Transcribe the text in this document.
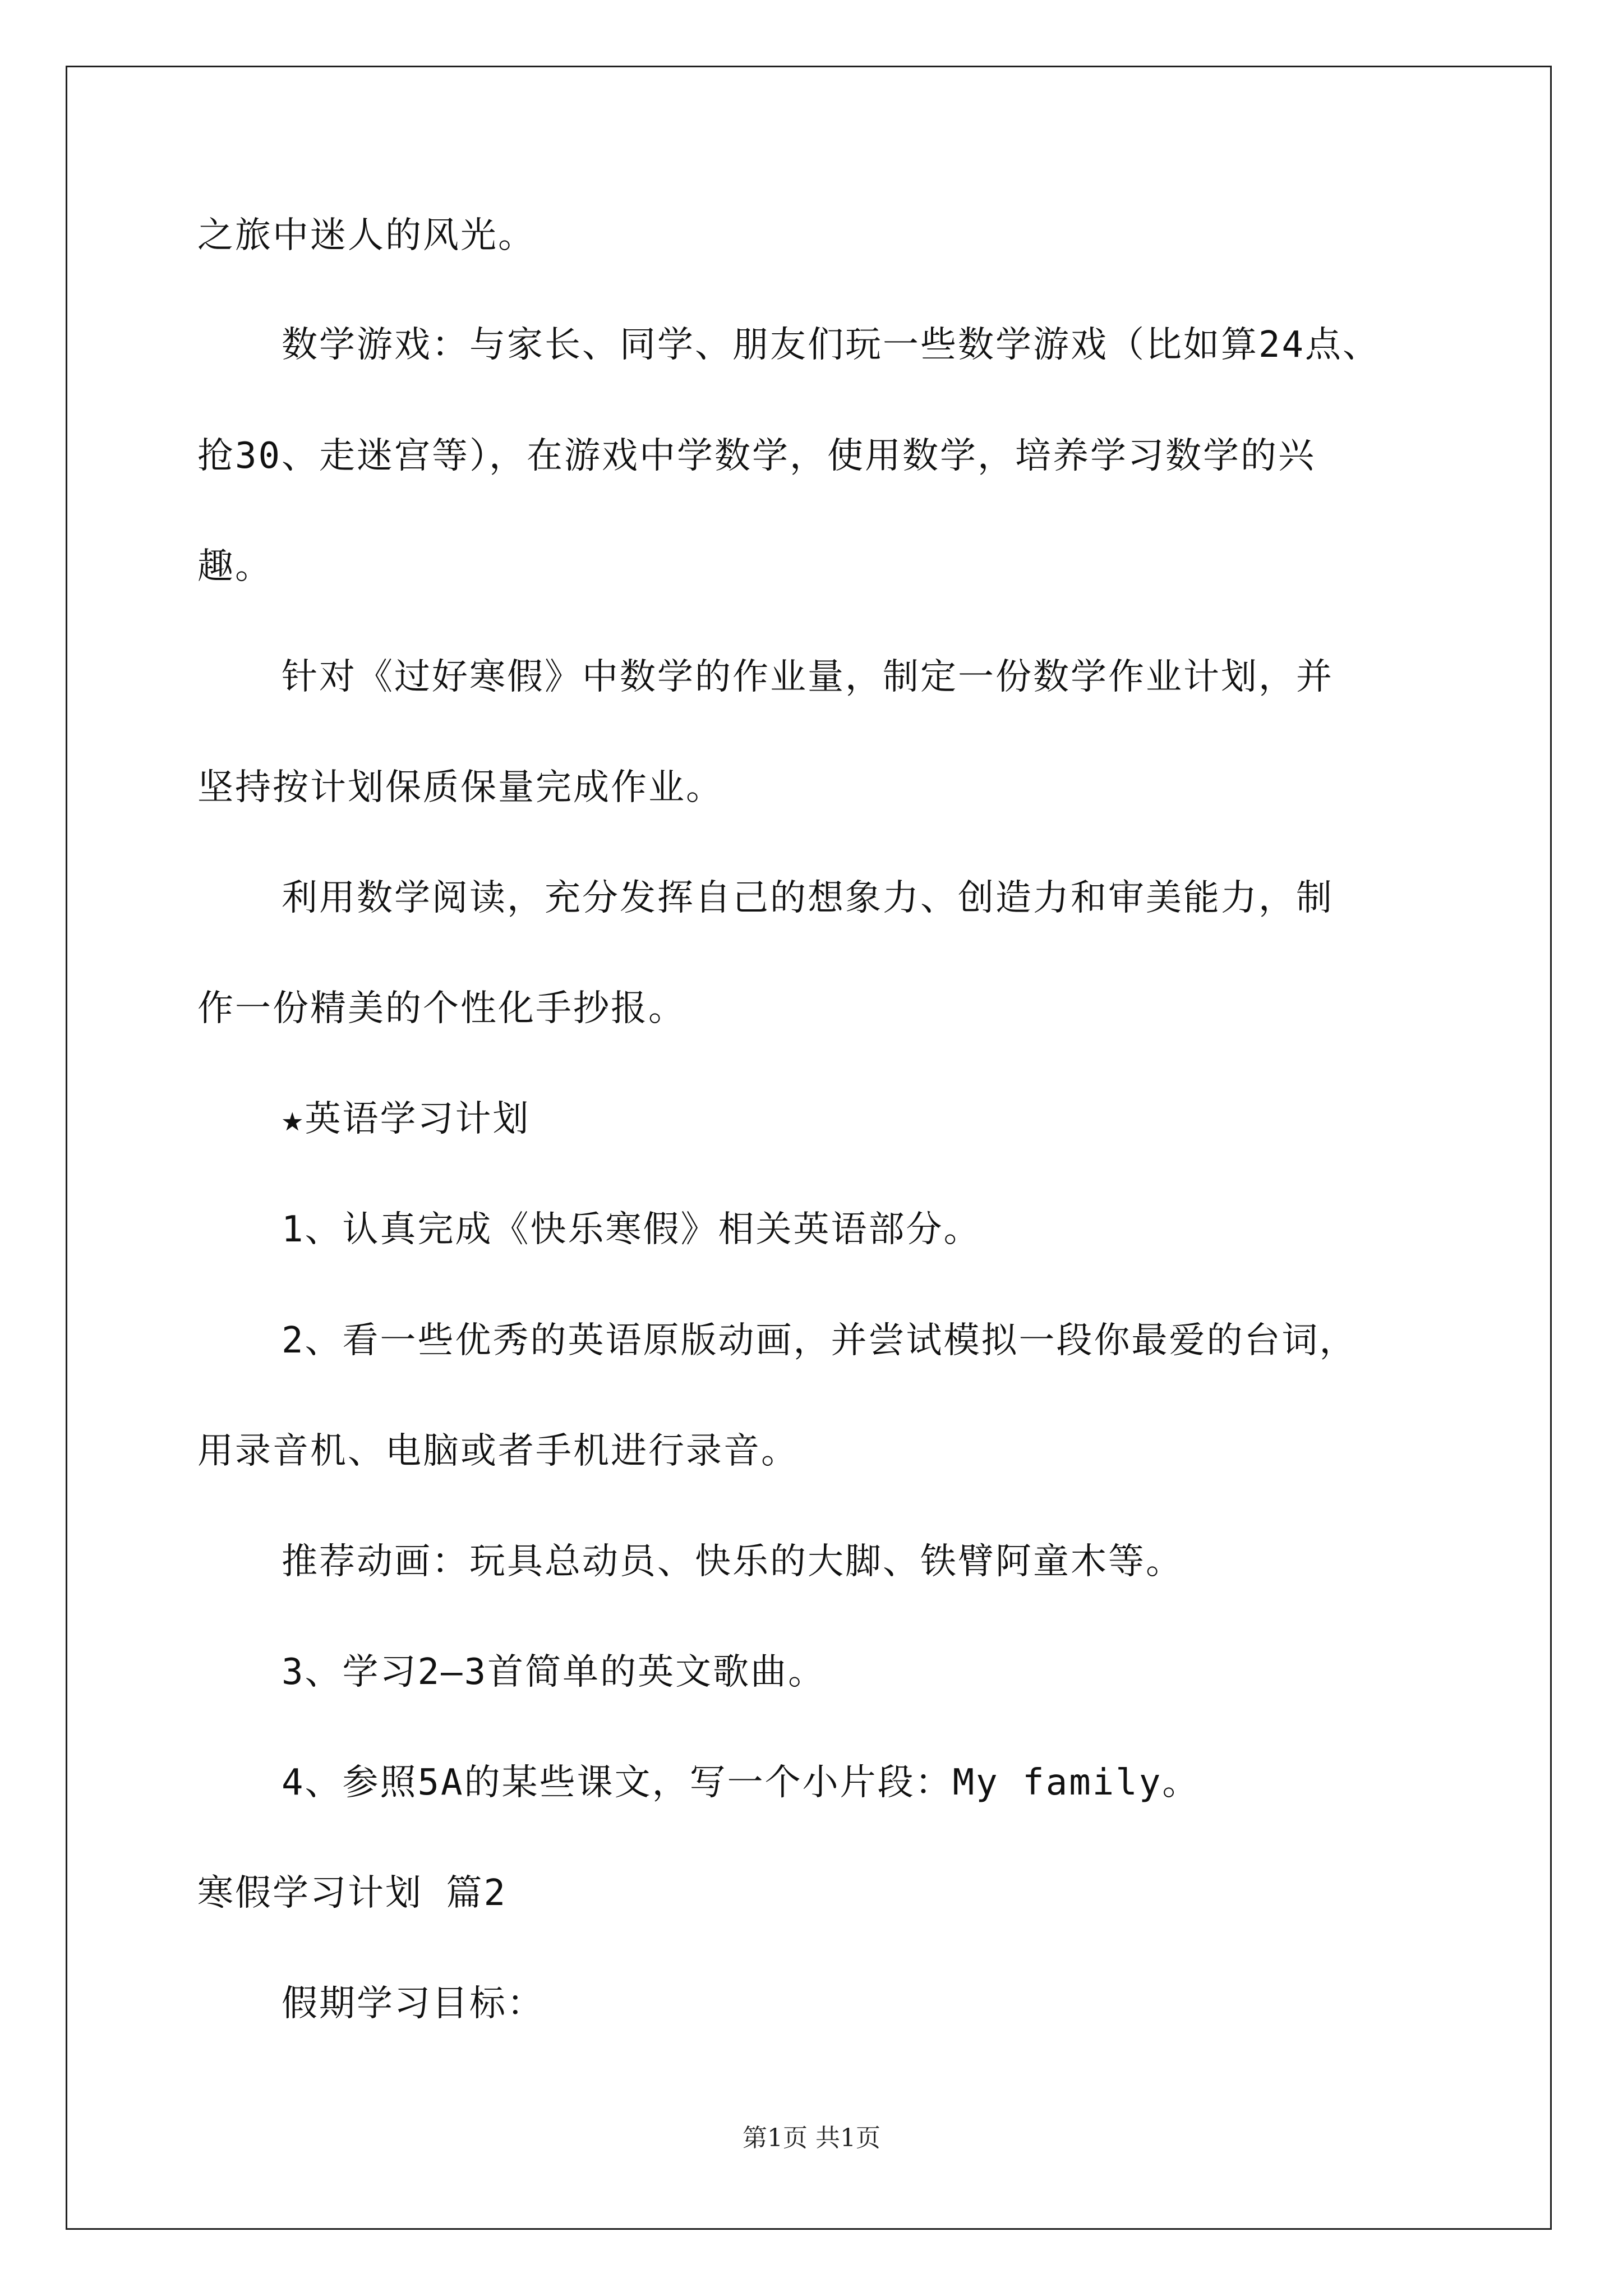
之旅中迷人的风光。
数学游戏：与家长、同学、朋友们玩一些数学游戏（比如算24点、
抢30、走迷宫等），在游戏中学数学，使用数学，培养学习数学的兴
趣。
针对《过好寒假》中数学的作业量，制定一份数学作业计划，并
坚持按计划保质保量完成作业。
利用数学阅读，充分发挥自己的想象力、创造力和审美能力，制
作一份精美的个性化手抄报。
★英语学习计划
1、认真完成《快乐寒假》相关英语部分。
2、看一些优秀的英语原版动画，并尝试模拟一段你最爱的台词，
用录音机、电脑或者手机进行录音。
推荐动画：玩具总动员、快乐的大脚、铁臂阿童木等。
3、学习2—3首简单的英文歌曲。
4、参照5A的某些课文，写一个小片段：My family。
寒假学习计划 篇2
假期学习目标：
第1页 共1页
